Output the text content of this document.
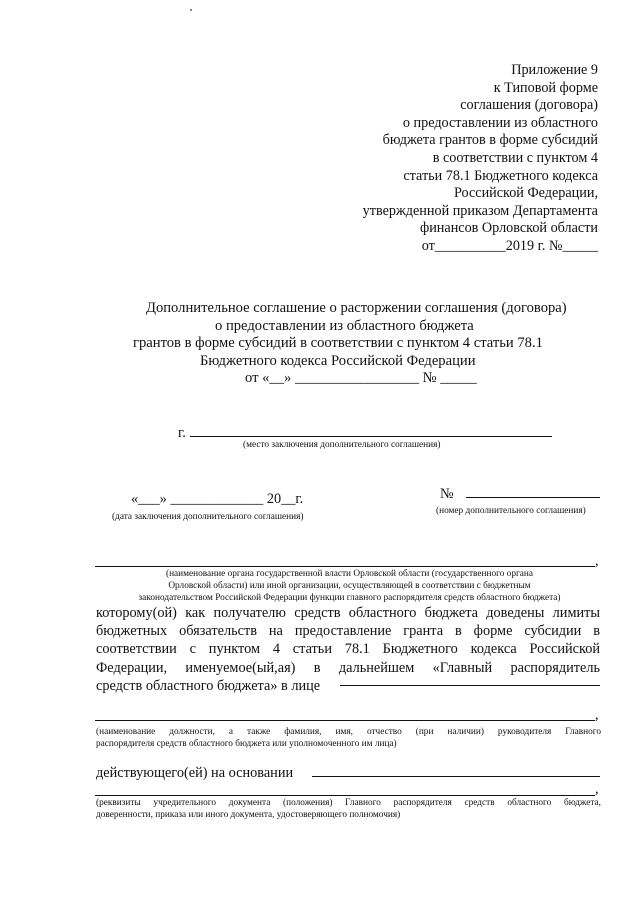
Приложение 9
к Типовой форме
соглашения (договора)
о предоставлении из областного
бюджета грантов в форме субсидий
в соответствии с пунктом 4
статьи 78.1 Бюджетного кодекса
Российской Федерации,
утвержденной приказом Департамента
финансов Орловской области
от__________2019 г. №_____
Дополнительное соглашение о расторжении соглашения (договора)
о предоставлении из областного бюджета
грантов в форме субсидий в соответствии с пунктом 4 статьи 78.1
Бюджетного кодекса Российской Федерации
от «__» _________________ № _____
г.
(место заключения дополнительного соглашения)
«___» _____________ 20__г.
(дата заключения дополнительного соглашения)
№
(номер дополнительного соглашения)
,
(наименование органа государственной власти Орловской области (государственного органа
Орловской области) или иной организации, осуществляющей в соответствии с бюджетным
законодательством Российской Федерации функции главного распорядителя средств областного бюджета)
которому(ой) как получателю средств областного бюджета доведены лимиты
бюджетных обязательств на предоставление гранта в форме субсидии в
соответствии с пунктом 4 статьи 78.1 Бюджетного кодекса Российской
Федерации, именуемое(ый,ая) в дальнейшем «Главный распорядитель
средств областного бюджета» в лице
,
(наименование должности, а также фамилия, имя, отчество (при наличии) руководителя Главного
распорядителя средств областного бюджета или уполномоченного им лица)
действующего(ей) на основании
,
(реквизиты учредительного документа (положения) Главного распорядителя средств областного бюджета,
доверенности, приказа или иного документа, удостоверяющего полномочия)
